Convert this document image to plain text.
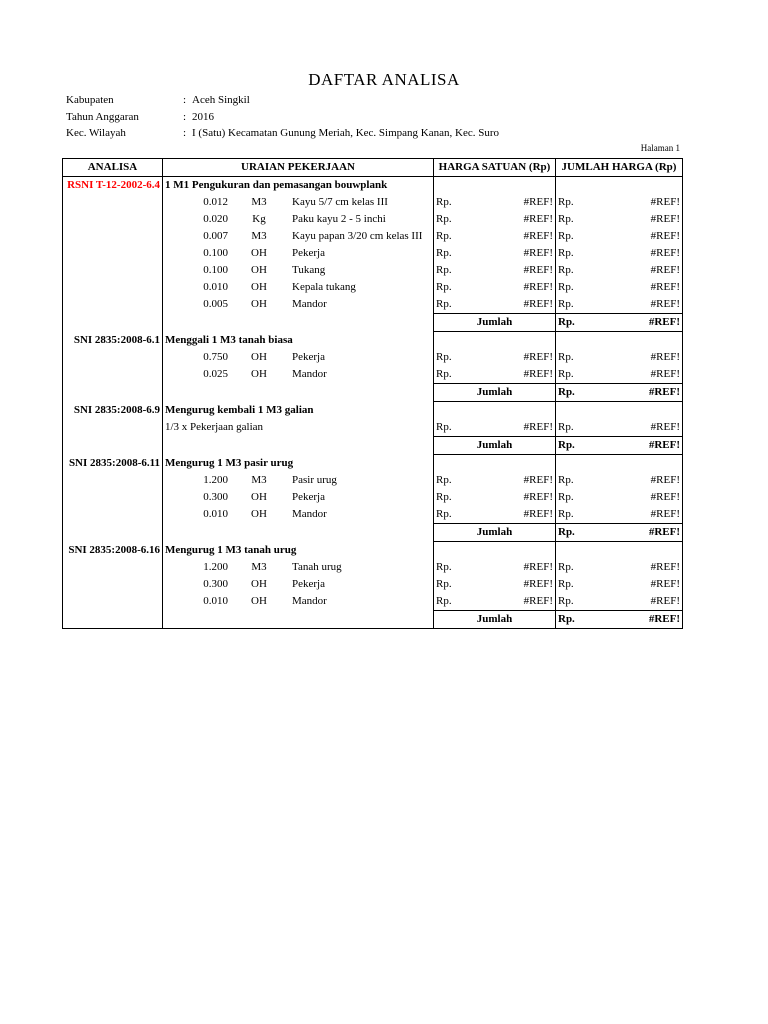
DAFTAR ANALISA
Kabupaten	: Aceh Singkil
Tahun Anggaran	: 2016
Kec. Wilayah	: I (Satu) Kecamatan Gunung Meriah, Kec. Simpang Kanan, Kec. Suro
Halaman 1
ANALISA	URAIAN PEKERJAAN	HARGA SATUAN (Rp)	JUMLAH HARGA (Rp)
RSNI T-12-2002-6.4	1 M1 Pengukuran dan pemasangan bouwplank		

	0.012 M3 Kayu 5/7 cm kelas III	Rp. #REF!	Rp. #REF!

	0.020 Kg Paku kayu 2 - 5 inchi	Rp. #REF!	Rp. #REF!

	0.007 M3 Kayu papan 3/20 cm kelas III	Rp. #REF!	Rp. #REF!

	0.100 OH Pekerja	Rp. #REF!	Rp. #REF!

	0.100 OH Tukang	Rp. #REF!	Rp. #REF!

	0.010 OH Kepala tukang	Rp. #REF!	Rp. #REF!

	0.005 OH Mandor	Rp. #REF!	Rp. #REF!

		Jumlah	Rp. #REF!

SNI 2835:2008-6.1	Menggali 1 M3 tanah biasa		

	0.750 OH Pekerja	Rp. #REF!	Rp. #REF!

	0.025 OH Mandor	Rp. #REF!	Rp. #REF!

		Jumlah	Rp. #REF!

SNI 2835:2008-6.9	Mengurug kembali 1 M3 galian		
	1/3 x Pekerjaan galian	Rp. #REF!	Rp. #REF!

		Jumlah	Rp. #REF!

SNI 2835:2008-6.11	Mengurug 1 M3 pasir urug		

	1.200 M3 Pasir urug	Rp. #REF!	Rp. #REF!

	0.300 OH Pekerja	Rp. #REF!	Rp. #REF!

	0.010 OH Mandor	Rp. #REF!	Rp. #REF!

		Jumlah	Rp. #REF!

SNI 2835:2008-6.16	Mengurug 1 M3 tanah urug		

	1.200 M3 Tanah urug	Rp. #REF!	Rp. #REF!

	0.300 OH Pekerja	Rp. #REF!	Rp. #REF!

	0.010 OH Mandor	Rp. #REF!	Rp. #REF!

		Jumlah	Rp. #REF!
